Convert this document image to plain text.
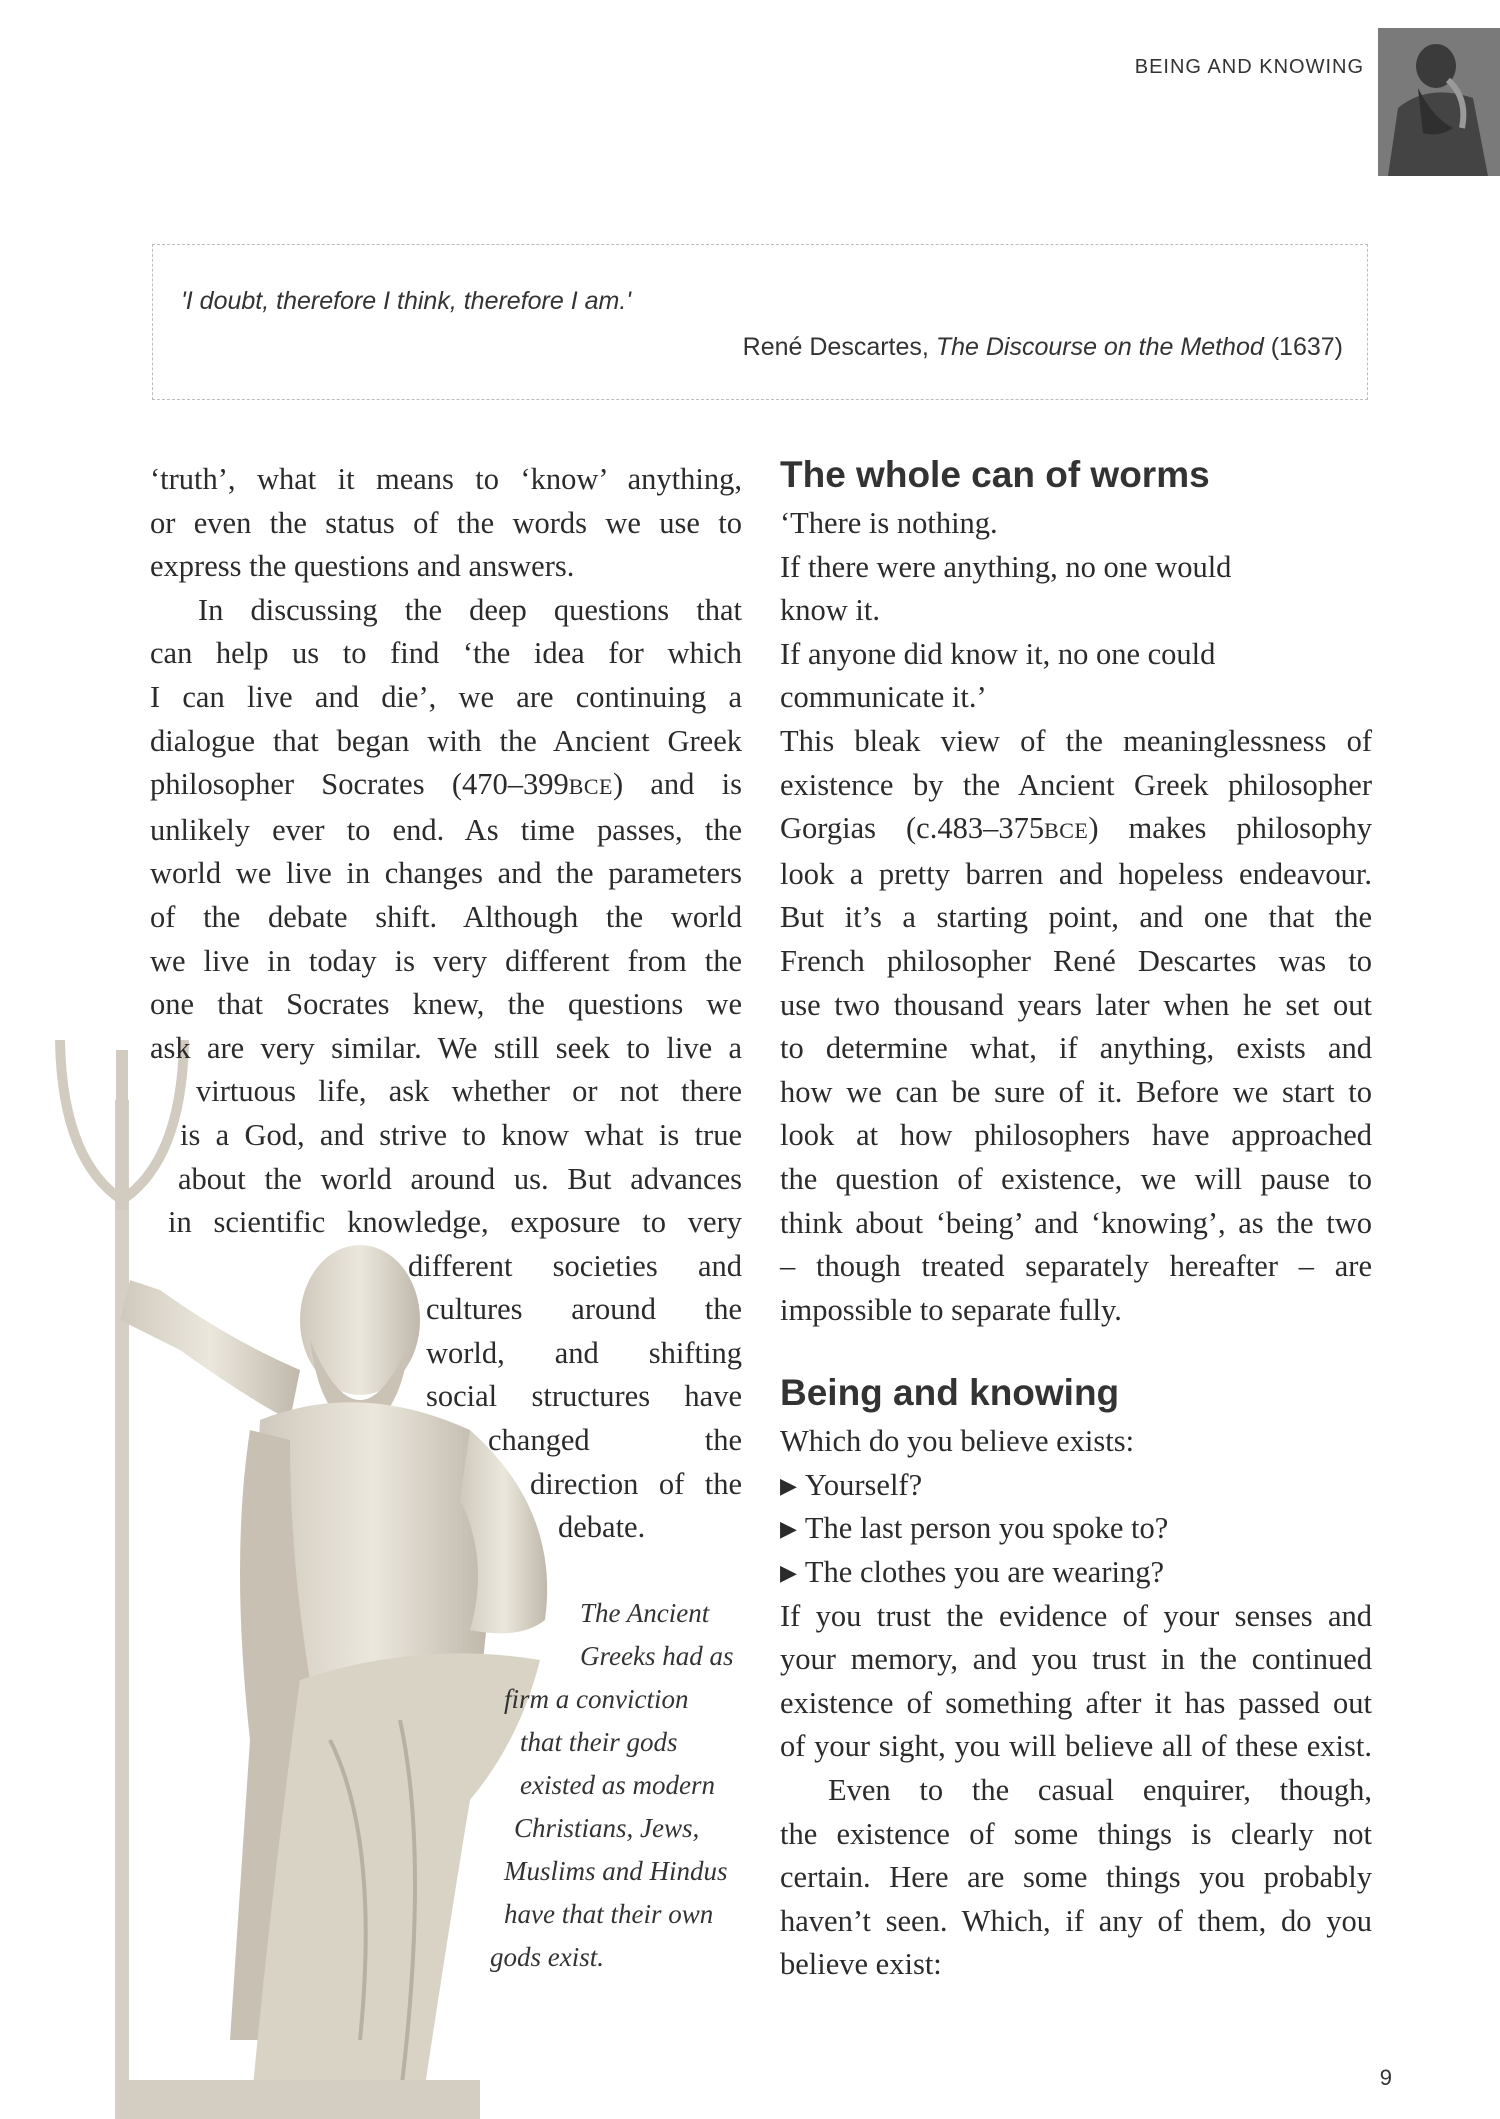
BEING AND KNOWING
'I doubt, therefore I think, therefore I am.'
René Descartes, The Discourse on the Method (1637)
‘truth’, what it means to ‘know’ anything,
or even the status of the words we use to
express the questions and answers.
In discussing the deep questions that
can help us to find ‘the idea for which
I can live and die’, we are continuing a
dialogue that began with the Ancient Greek
philosopher Socrates (470–399BCE) and is
unlikely ever to end. As time passes, the
world we live in changes and the parameters
of the debate shift. Although the world
we live in today is very different from the
one that Socrates knew, the questions we
ask are very similar. We still seek to live a
virtuous life, ask whether or not there
is a God, and strive to know what is true
about the world around us. But advances
in scientific knowledge, exposure to very
different societies and
cultures around the
world, and shifting
social structures have
changed the
direction of the
debate.
The Ancient
Greeks had as
firm a conviction
that their gods
existed as modern
Christians, Jews,
Muslims and Hindus
have that their own
gods exist.
The whole can of worms
‘There is nothing.
If there were anything, no one would
know it.
If anyone did know it, no one could
communicate it.’
This bleak view of the meaninglessness of
existence by the Ancient Greek philosopher
Gorgias (c.483–375BCE) makes philosophy
look a pretty barren and hopeless endeavour.
But it’s a starting point, and one that the
French philosopher René Descartes was to
use two thousand years later when he set out
to determine what, if anything, exists and
how we can be sure of it. Before we start to
look at how philosophers have approached
the question of existence, we will pause to
think about ‘being’ and ‘knowing’, as the two
– though treated separately hereafter – are
impossible to separate fully.
Being and knowing
Which do you believe exists:
▶ Yourself?
▶ The last person you spoke to?
▶ The clothes you are wearing?
If you trust the evidence of your senses and
your memory, and you trust in the continued
existence of something after it has passed out
of your sight, you will believe all of these exist.
Even to the casual enquirer, though,
the existence of some things is clearly not
certain. Here are some things you probably
haven’t seen. Which, if any of them, do you
believe exist:
9
